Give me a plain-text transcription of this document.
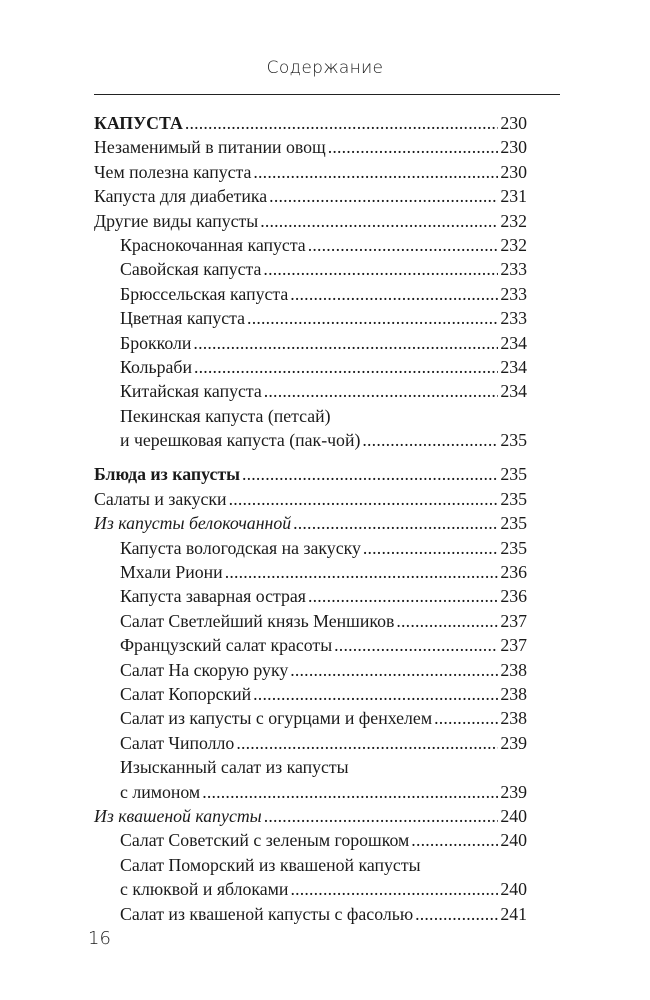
Содержание
КАПУСТА .....	230
Незаменимый в питании овощ .....	230
Чем полезна капуста .....	230
Капуста для диабетика .....	231
Другие виды капусты .....	232
Краснокочанная капуста .....	232
Савойская капуста .....	233
Брюссельская капуста .....	233
Цветная капуста .....	233
Брокколи .....	234
Кольраби .....	234
Китайская капуста .....	234
Пекинская капуста (петсай)
и черешковая капуста (пак-чой) .....	235
Блюда из капусты .....	235
Салаты и закуски .....	235
Из капусты белокочанной .....	235
Капуста вологодская на закуску .....	235
Мхали Риони .....	236
Капуста заварная острая .....	236
Салат Светлейший князь Меншиков .....	237
Французский салат красоты .....	237
Салат На скорую руку .....	238
Салат Копорский .....	238
Салат из капусты с огурцами и фенхелем .....	238
Салат Чиполло .....	239
Изысканный салат из капусты
с лимоном .....	239
Из квашеной капусты .....	240
Салат Советский с зеленым горошком .....	240
Салат Поморский из квашеной капусты
с клюквой и яблоками .....	240
Салат из квашеной капусты с фасолью .....	241
16
